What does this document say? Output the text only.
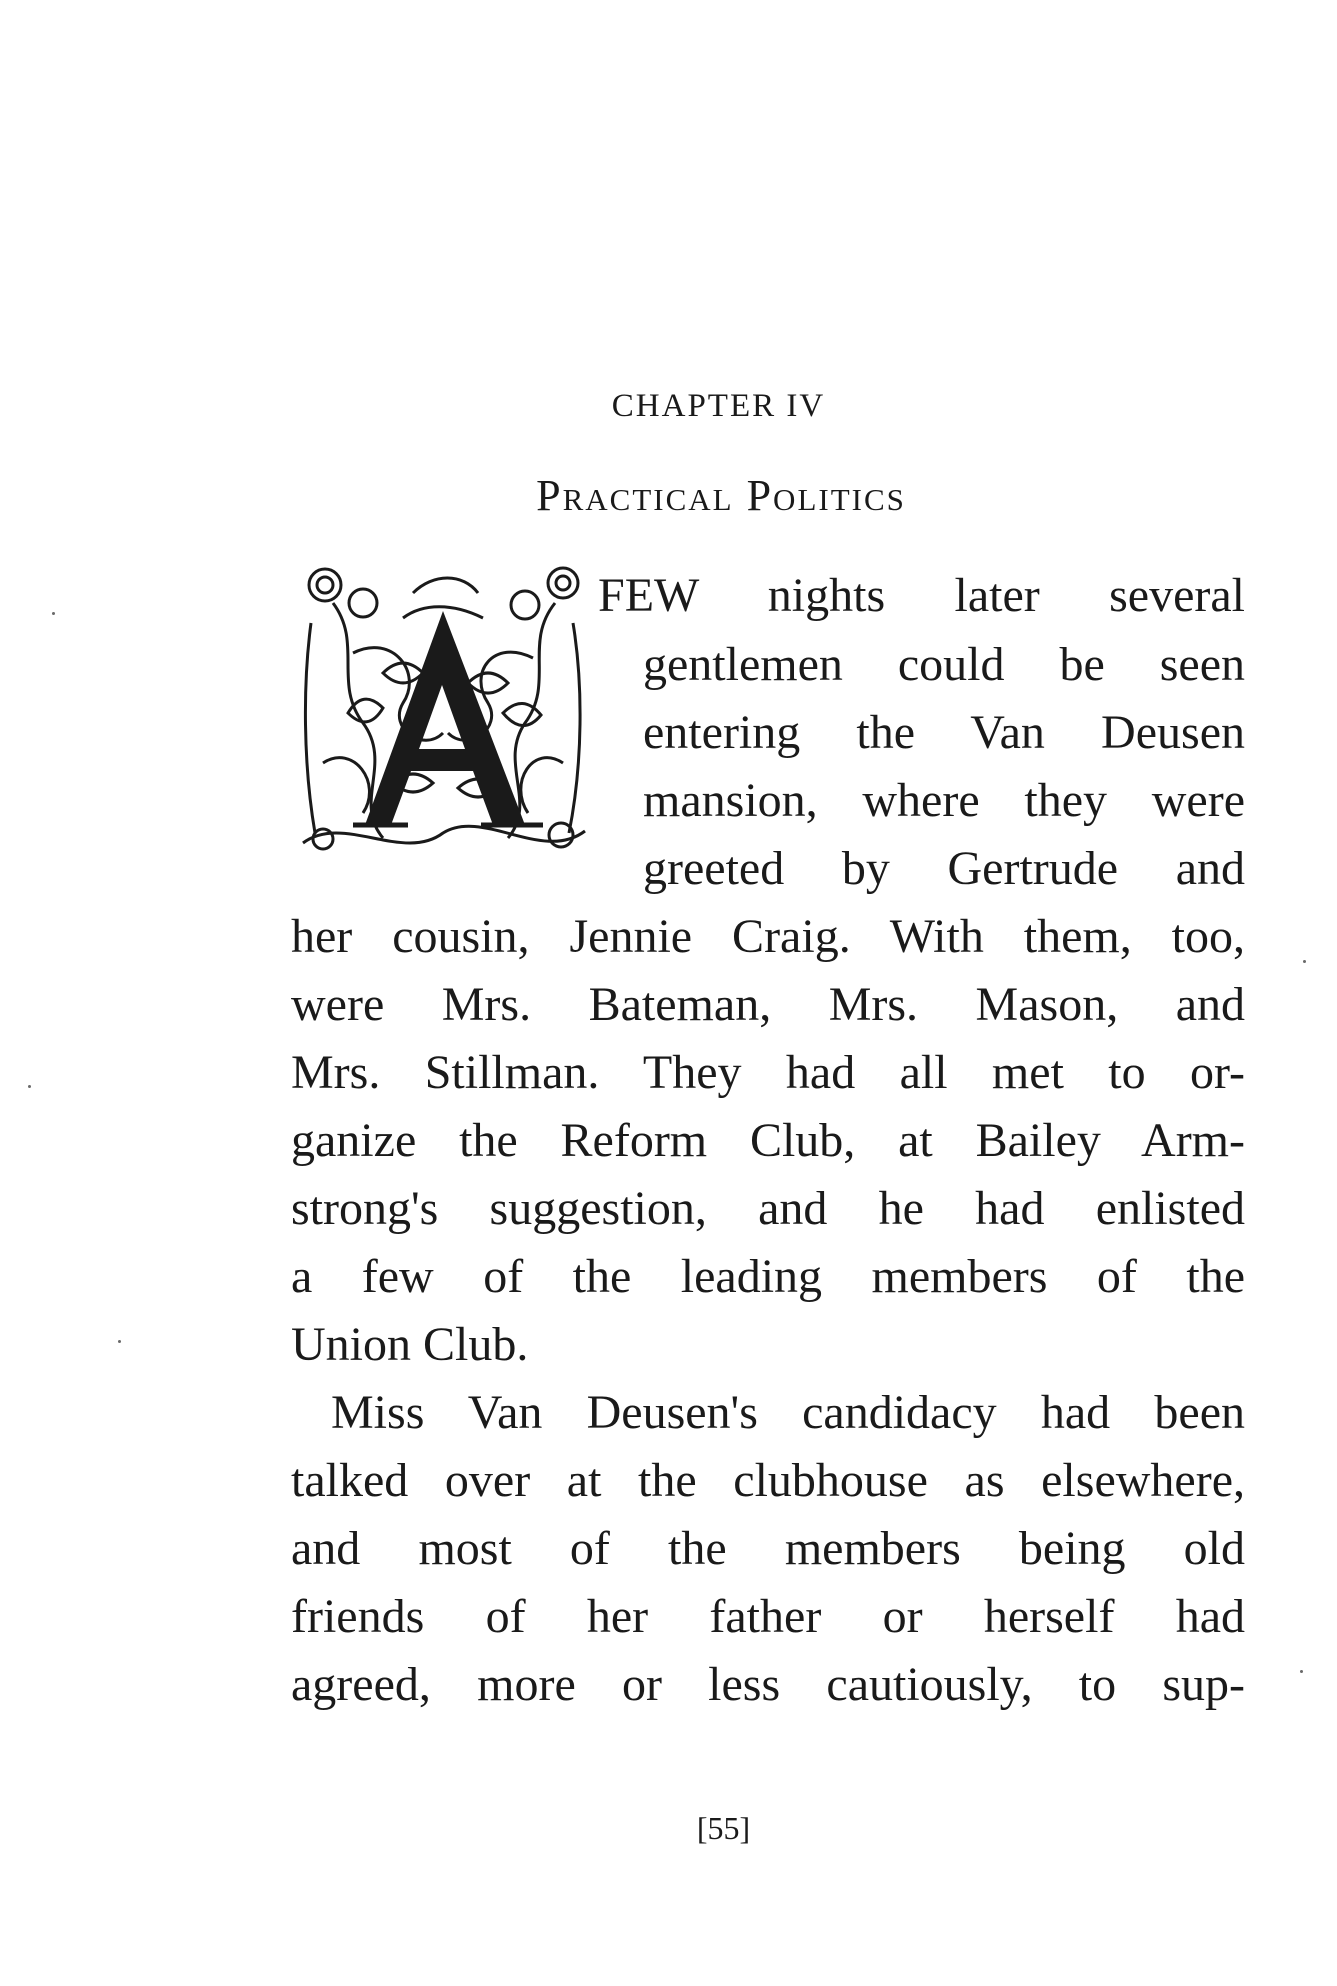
CHAPTER IV
Practical Politics
FEW nights later several
gentlemen could be seen
entering the Van Deusen
mansion, where they were
greeted by Gertrude and
her cousin, Jennie Craig. With them, too,
were Mrs. Bateman, Mrs. Mason, and
Mrs. Stillman. They had all met to or-
ganize the Reform Club, at Bailey Arm-
strong's suggestion, and he had enlisted
a few of the leading members of the
Union Club.
Miss Van Deusen's candidacy had been
talked over at the clubhouse as elsewhere,
and most of the members being old
friends of her father or herself had
agreed, more or less cautiously, to sup-
[55]
